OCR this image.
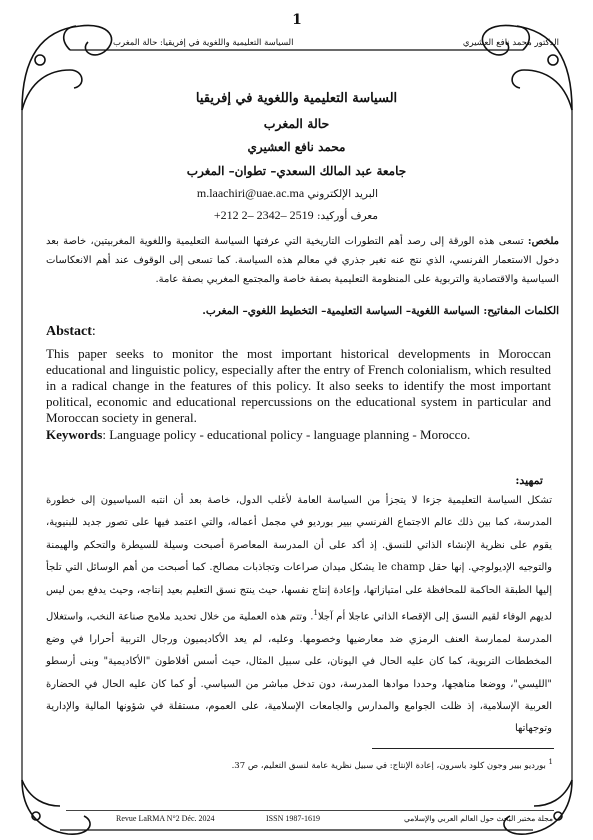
1
الدكتور محمد نافع العشيري
السياسة التعليمية واللغوية في إفريقيا: حالة المغرب
السياسة التعليمية واللغوية في إفريقيا
حالة المغرب
محمد نافع العشيري
جامعة عبد المالك السعدي– تطوان– المغرب
البريد الإلكتروني m.laachiri@uae.ac.ma
معرف أوركيد: +212 2– 2342– 2519
ملخص: تسعى هذه الورقة إلى رصد أهم التطورات التاريخية التي عرفتها السياسة التعليمية واللغوية المغربيتين، خاصة بعد دخول الاستعمار الفرنسي، الذي نتج عنه تغير جذري في معالم هذه السياسة. كما تسعى إلى الوقوف عند أهم الانعكاسات السياسية والاقتصادية والتربوية على المنظومة التعليمية بصفة خاصة والمجتمع المغربي بصفة عامة.
الكلمات المفاتيح: السياسة اللغوية– السياسة التعليمية– التخطيط اللغوي– المغرب.
Abstact:
This paper seeks to monitor the most important historical developments in Moroccan educational and linguistic policy, especially after the entry of French colonialism, which resulted in a radical change in the features of this policy. It also seeks to identify the most important political, economic and educational repercussions on the educational system in particular and Moroccan society in general.
Keywords: Language policy - educational policy - language planning - Morocco.
تمهيد:
تشكل السياسة التعليمية جزءا لا يتجزأ من السياسة العامة لأغلب الدول، خاصة بعد أن انتبه السياسيون إلى خطورة المدرسة، كما بين ذلك عالم الاجتماع الفرنسي بيير بورديو في مجمل أعماله، والتي اعتمد فيها على تصور جديد للبنيوية، يقوم على نظرية الإنشاء الذاتي للنسق. إذ أكد على أن المدرسة المعاصرة أصبحت وسيلة للسيطرة والتحكم والهيمنة والتوجيه الإديولوجي. إنها حقل le champ يشكل ميدان صراعات وتجاذبات مصالح. كما أصبحت من أهم الوسائل التي تلجأ إليها الطبقة الحاكمة للمحافظة على امتيازاتها، وإعادة إنتاج نفسها، حيث ينتج نسق التعليم بعيد إنتاجه، وحيث يدفع بمن ليس لديهم الوفاء لقيم النسق إلى الإقصاء الذاتي عاجلا أم آجلا$^1$. وتتم هذه العملية من خلال تحديد ملامح صناعة النخب، واستغلال المدرسة لممارسة العنف الرمزي ضد معارضيها وخصومها. وعليه، لم يعد الأكاديميون ورجال التربية أحرارا في وضع المخططات التربوية، كما كان عليه الحال في اليونان، على سبيل المثال، حيث أسس أفلاطون "الأكاديمية" وبنى أرسطو "الليسي"، ووضعا مناهجها، وحددا موادها المدرسة، دون تدخل مباشر من السياسي. أو كما كان عليه الحال في الحضارة العربية الإسلامية، إذ ظلت الجوامع والمدارس والجامعات الإسلامية، على العموم، مستقلة في شؤونها المالية والإدارية وتوجهاتها
$^1$ بورديو بيير وجون كلود باسرون، إعادة الإنتاج: في سبيل نظرية عامة لنسق التعليم، ص 37.
Revue LaRMA N°2 Déc. 2024	ISSN 1987-1619	مجلة مختبر البحث حول العالم العربي والإسلامي
